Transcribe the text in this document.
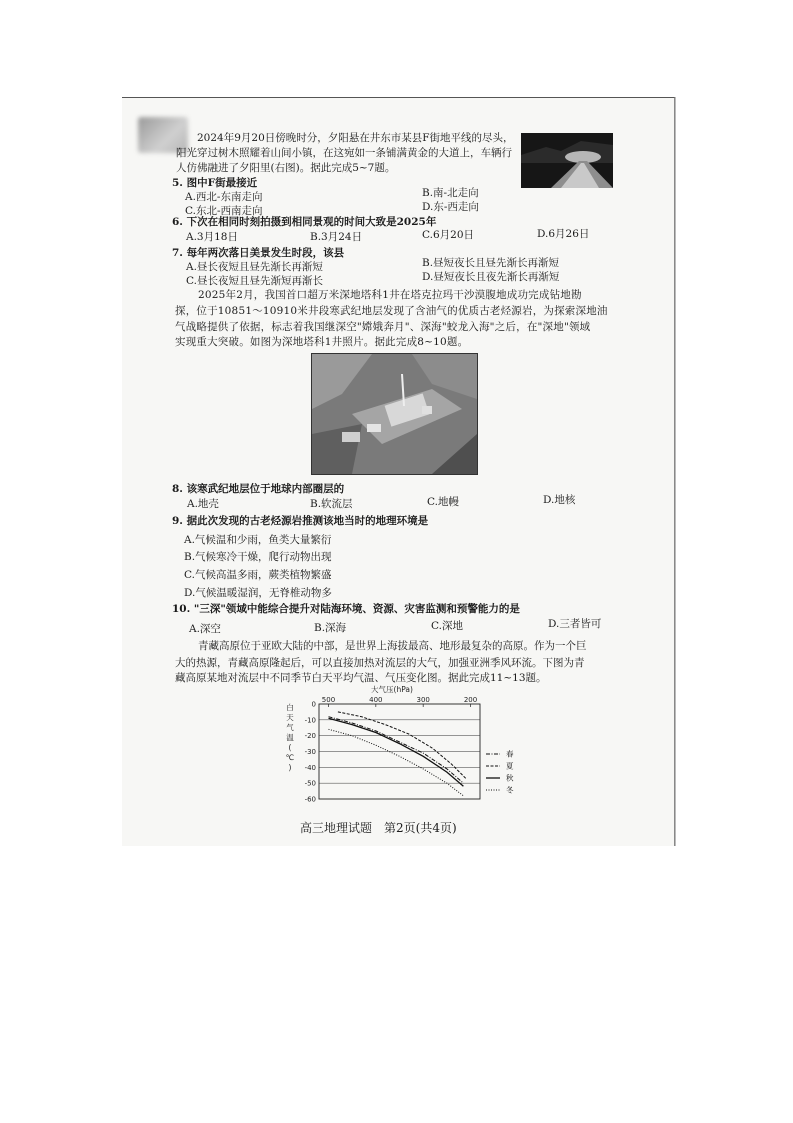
2024年9月20日傍晚时分，夕阳悬在井东市某县F街地平线的尽头，
阳光穿过树木照耀着山间小镇，在这宛如一条铺满黄金的大道上，车辆行
人仿佛融进了夕阳里(右图)。据此完成5~7题。
5. 图中F街最接近
A.西北-东南走向	B.南-北走向
C.东北-西南走向	D.东-西走向
6. 下次在相同时刻拍摄到相同景观的时间大致是2025年
A.3月18日	B.3月24日	C.6月20日	D.6月26日
7. 每年两次落日美景发生时段，该县
A.昼长夜短且昼先渐长再渐短	B.昼短夜长且昼先渐长再渐短
C.昼长夜短且昼先渐短再渐长	D.昼短夜长且夜先渐长再渐短
2025年2月，我国首口超万米深地塔科1井在塔克拉玛干沙漠腹地成功完成钻地勘
探，位于10851～10910米井段寒武纪地层发现了含油气的优质古老烃源岩，为探索深地油
气战略提供了依据，标志着我国继深空"嫦娥奔月"、深海"蛟龙入海"之后，在"深地"领域
实现重大突破。如图为深地塔科1井照片。据此完成8~10题。
8. 该寒武纪地层位于地球内部圈层的
A.地壳	B.软流层	C.地幔	D.地核
9. 据此次发现的古老烃源岩推测该地当时的地理环境是
A.气候温和少雨，鱼类大量繁衍
B.气候寒冷干燥，爬行动物出现
C.气候高温多雨，蕨类植物繁盛
D.气候温暖湿润，无脊椎动物多
10. "三深"领域中能综合提升对陆海环境、资源、灾害监测和预警能力的是
A.深空	B.深海	C.深地	D.三者皆可
青藏高原位于亚欧大陆的中部，是世界上海拔最高、地形最复杂的高原。作为一个巨
大的热源，青藏高原隆起后，可以直接加热对流层的大气，加强亚洲季风环流。下图为青
藏高原某地对流层中不同季节白天平均气温、气压变化图。据此完成11~13题。
大气压(hPa)
白
天
气
温
(
℃
)
0
-10
-20
-30
-40
-50
-60
500	400	300	200
春
夏
秋
冬
高三地理试题　第2页(共4页)
